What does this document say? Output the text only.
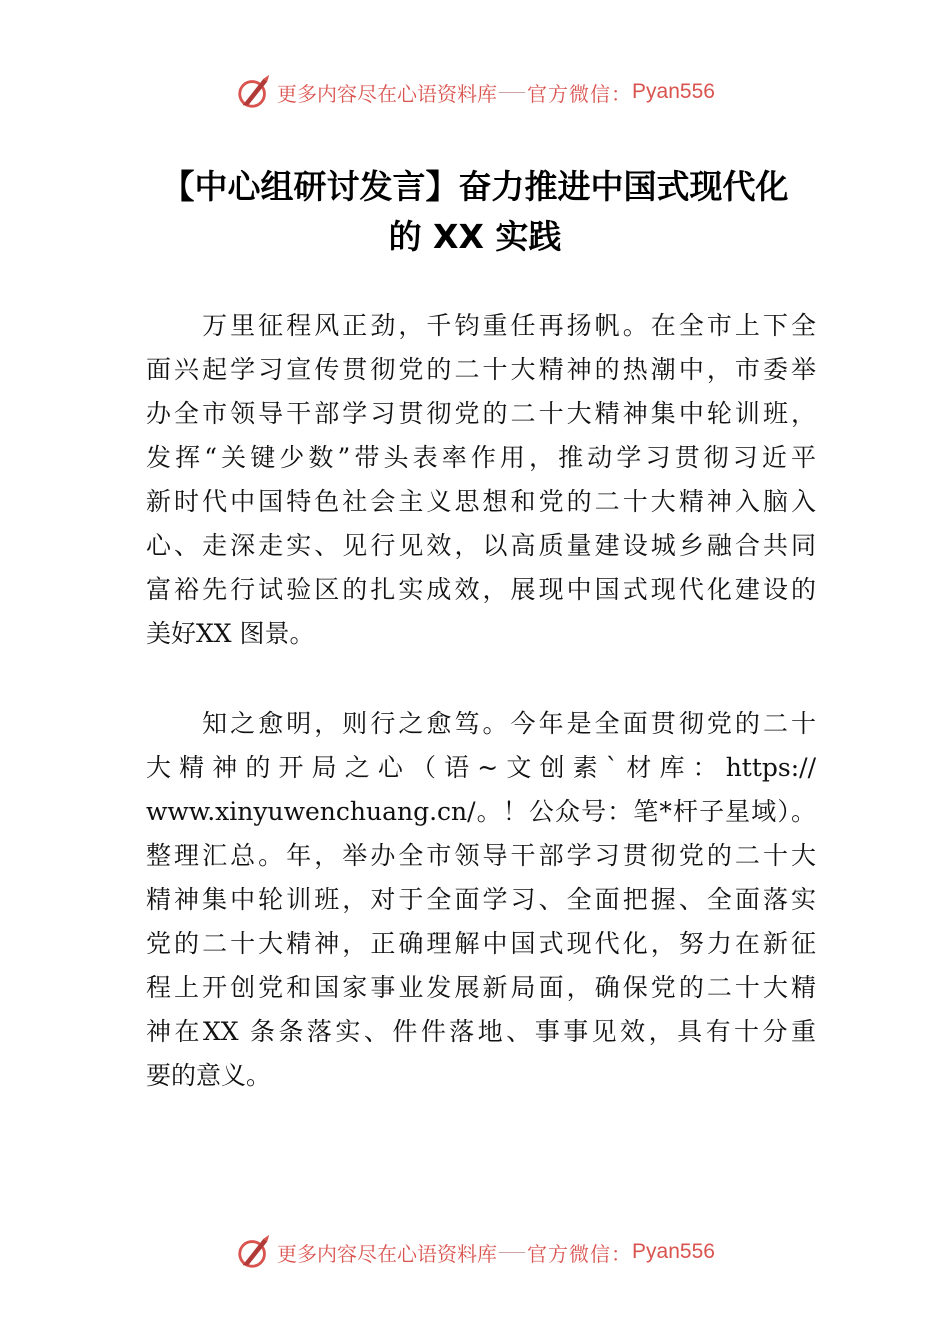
更多内容尽在心语资料库 官方微信： Pyan556
【中心组研讨发言】奋力推进中国式现代化
的 XX 实践
　　万里征程风正劲，千钧重任再扬帆。在全市上下全
面兴起学习宣传贯彻党的二十大精神的热潮中，市委举
办全市领导干部学习贯彻党的二十大精神集中轮训班，
发挥“关键少数”带头表率作用，推动学习贯彻习近平
新时代中国特色社会主义思想和党的二十大精神入脑入
心、走深走实、见行见效，以高质量建设城乡融合共同
富裕先行试验区的扎实成效，展现中国式现代化建设的
美好XX 图景。
　　知之愈明，则行之愈笃。今年是全面贯彻党的二十
大精神的开局之心（语~文创素`材库：https://
www.xinyuwenchuang.cn/。！公众号：笔*杆子星域）。
整理汇总。年，举办全市领导干部学习贯彻党的二十大
精神集中轮训班，对于全面学习、全面把握、全面落实
党的二十大精神，正确理解中国式现代化，努力在新征
程上开创党和国家事业发展新局面，确保党的二十大精
神在XX 条条落实、件件落地、事事见效，具有十分重
要的意义。
更多内容尽在心语资料库 官方微信： Pyan556
